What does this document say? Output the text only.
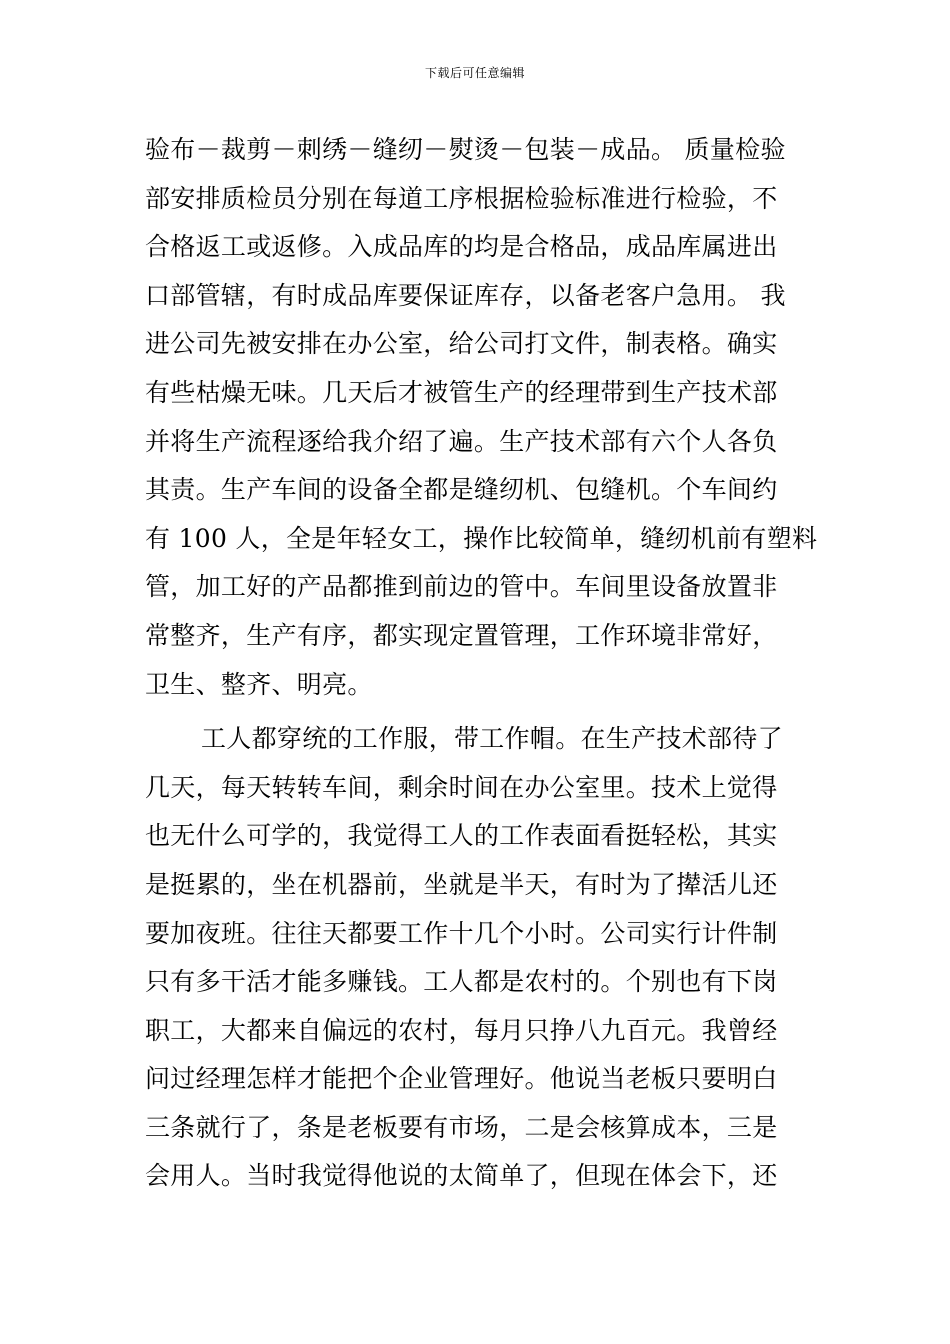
下载后可任意编辑
验布－裁剪－刺绣－缝纫－熨烫－包装－成品。 质量检验
部安排质检员分别在每道工序根据检验标准进行检验，不
合格返工或返修。入成品库的均是合格品，成品库属进出
口部管辖，有时成品库要保证库存，以备老客户急用。 我
进公司先被安排在办公室，给公司打文件，制表格。确实
有些枯燥无味。几天后才被管生产的经理带到生产技术部
并将生产流程逐给我介绍了遍。生产技术部有六个人各负
其责。生产车间的设备全都是缝纫机、包缝机。个车间约
有 100 人，全是年轻女工，操作比较简单，缝纫机前有塑料
管，加工好的产品都推到前边的管中。车间里设备放置非
常整齐，生产有序，都实现定置管理，工作环境非常好，
卫生、整齐、明亮。
工人都穿统的工作服，带工作帽。在生产技术部待了
几天，每天转转车间，剩余时间在办公室里。技术上觉得
也无什么可学的，我觉得工人的工作表面看挺轻松，其实
是挺累的，坐在机器前，坐就是半天，有时为了撵活儿还
要加夜班。往往天都要工作十几个小时。公司实行计件制
只有多干活才能多赚钱。工人都是农村的。个别也有下岗
职工，大都来自偏远的农村，每月只挣八九百元。我曾经
问过经理怎样才能把个企业管理好。他说当老板只要明白
三条就行了，条是老板要有市场，二是会核算成本，三是
会用人。当时我觉得他说的太简单了，但现在体会下，还
